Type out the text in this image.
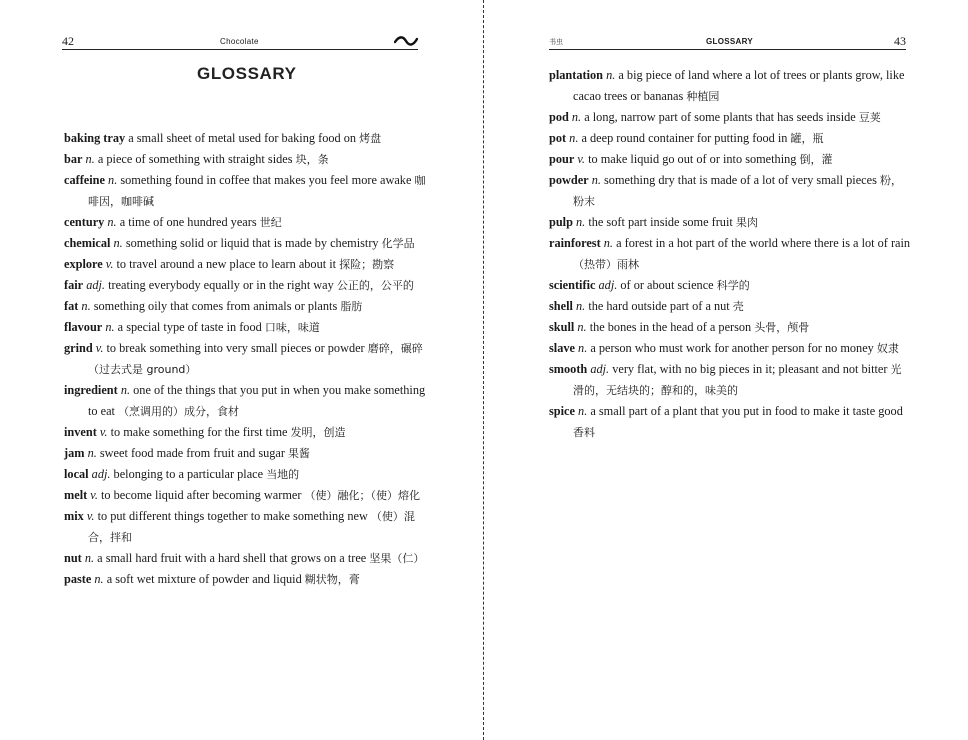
42	Chocolate
GLOSSARY
baking tray a small sheet of metal used for baking food on 烤盘
bar n. a piece of something with straight sides 块，条
caffeine n. something found in coffee that makes you feel more awake 咖啡因，咖啡碱
century n. a time of one hundred years 世纪
chemical n. something solid or liquid that is made by chemistry 化学品
explore v. to travel around a new place to learn about it 探险；勘察
fair adj. treating everybody equally or in the right way 公正的，公平的
fat n. something oily that comes from animals or plants 脂肪
flavour n. a special type of taste in food 口味，味道
grind v. to break something into very small pieces or powder 磨碎，碾碎（过去式是 ground）
ingredient n. one of the things that you put in when you make something to eat （烹调用的）成分，食材
invent v. to make something for the first time 发明，创造
jam n. sweet food made from fruit and sugar 果酱
local adj. belonging to a particular place 当地的
melt v. to become liquid after becoming warmer （使）融化；（使）熔化
mix v. to put different things together to make something new （使）混合，拌和
nut n. a small hard fruit with a hard shell that grows on a tree 坚果（仁）
paste n. a soft wet mixture of powder and liquid 糊状物，膏
书虫	GLOSSARY	43
plantation n. a big piece of land where a lot of trees or plants grow, like cacao trees or bananas 种植园
pod n. a long, narrow part of some plants that has seeds inside 豆荚
pot n. a deep round container for putting food in 罐，瓶
pour v. to make liquid go out of or into something 倒，灌
powder n. something dry that is made of a lot of very small pieces 粉，粉末
pulp n. the soft part inside some fruit 果肉
rainforest n. a forest in a hot part of the world where there is a lot of rain （热带）雨林
scientific adj. of or about science 科学的
shell n. the hard outside part of a nut 壳
skull n. the bones in the head of a person 头骨，颅骨
slave n. a person who must work for another person for no money 奴隶
smooth adj. very flat, with no big pieces in it; pleasant and not bitter 光滑的，无结块的；醇和的，味美的
spice n. a small part of a plant that you put in food to make it taste good 香料
